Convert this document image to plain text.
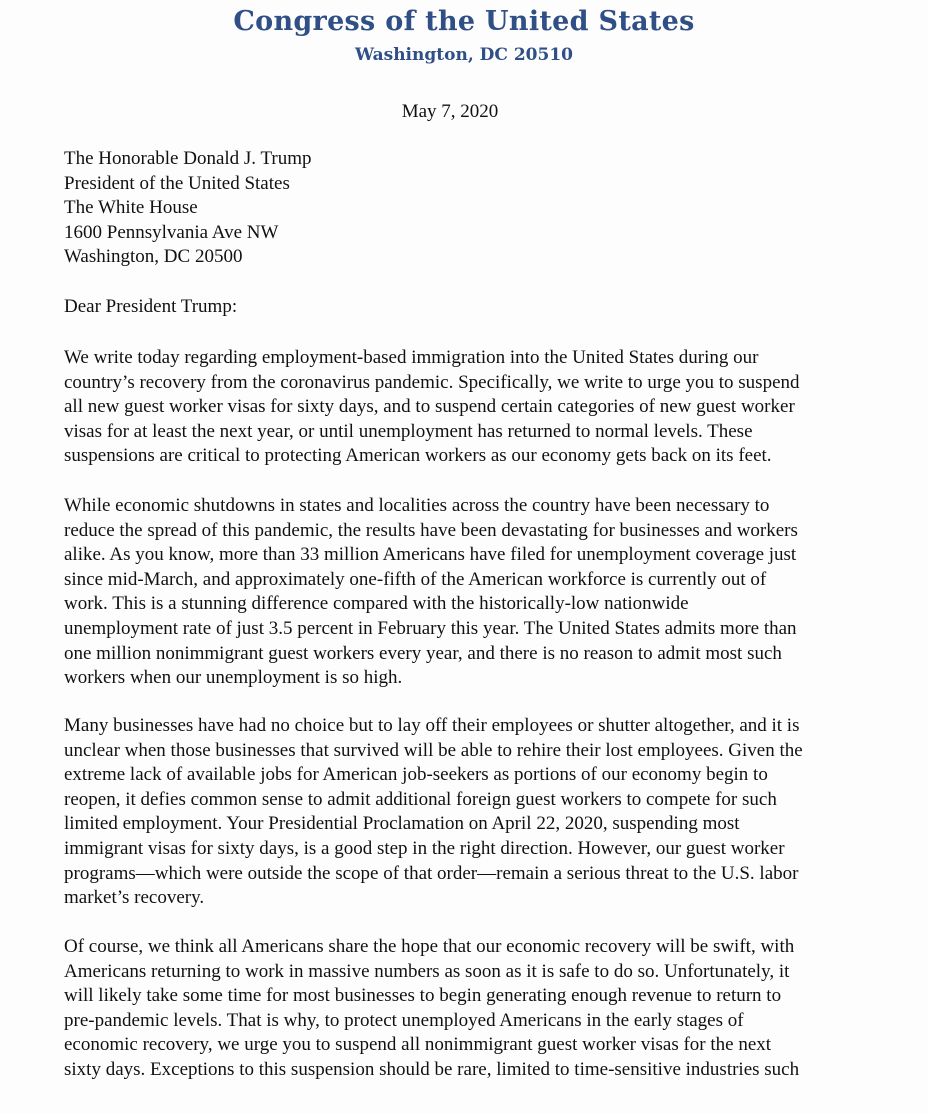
Congress of the United States
Washington, DC 20510
May 7, 2020
The Honorable Donald J. Trump
President of the United States
The White House
1600 Pennsylvania Ave NW
Washington, DC 20500
Dear President Trump:
We write today regarding employment-based immigration into the United States during our
country’s recovery from the coronavirus pandemic. Specifically, we write to urge you to suspend
all new guest worker visas for sixty days, and to suspend certain categories of new guest worker
visas for at least the next year, or until unemployment has returned to normal levels. These
suspensions are critical to protecting American workers as our economy gets back on its feet.
While economic shutdowns in states and localities across the country have been necessary to
reduce the spread of this pandemic, the results have been devastating for businesses and workers
alike. As you know, more than 33 million Americans have filed for unemployment coverage just
since mid-March, and approximately one-fifth of the American workforce is currently out of
work. This is a stunning difference compared with the historically-low nationwide
unemployment rate of just 3.5 percent in February this year. The United States admits more than
one million nonimmigrant guest workers every year, and there is no reason to admit most such
workers when our unemployment is so high.
Many businesses have had no choice but to lay off their employees or shutter altogether, and it is
unclear when those businesses that survived will be able to rehire their lost employees. Given the
extreme lack of available jobs for American job-seekers as portions of our economy begin to
reopen, it defies common sense to admit additional foreign guest workers to compete for such
limited employment. Your Presidential Proclamation on April 22, 2020, suspending most
immigrant visas for sixty days, is a good step in the right direction. However, our guest worker
programs—which were outside the scope of that order—remain a serious threat to the U.S. labor
market’s recovery.
Of course, we think all Americans share the hope that our economic recovery will be swift, with
Americans returning to work in massive numbers as soon as it is safe to do so. Unfortunately, it
will likely take some time for most businesses to begin generating enough revenue to return to
pre-pandemic levels. That is why, to protect unemployed Americans in the early stages of
economic recovery, we urge you to suspend all nonimmigrant guest worker visas for the next
sixty days. Exceptions to this suspension should be rare, limited to time-sensitive industries such
